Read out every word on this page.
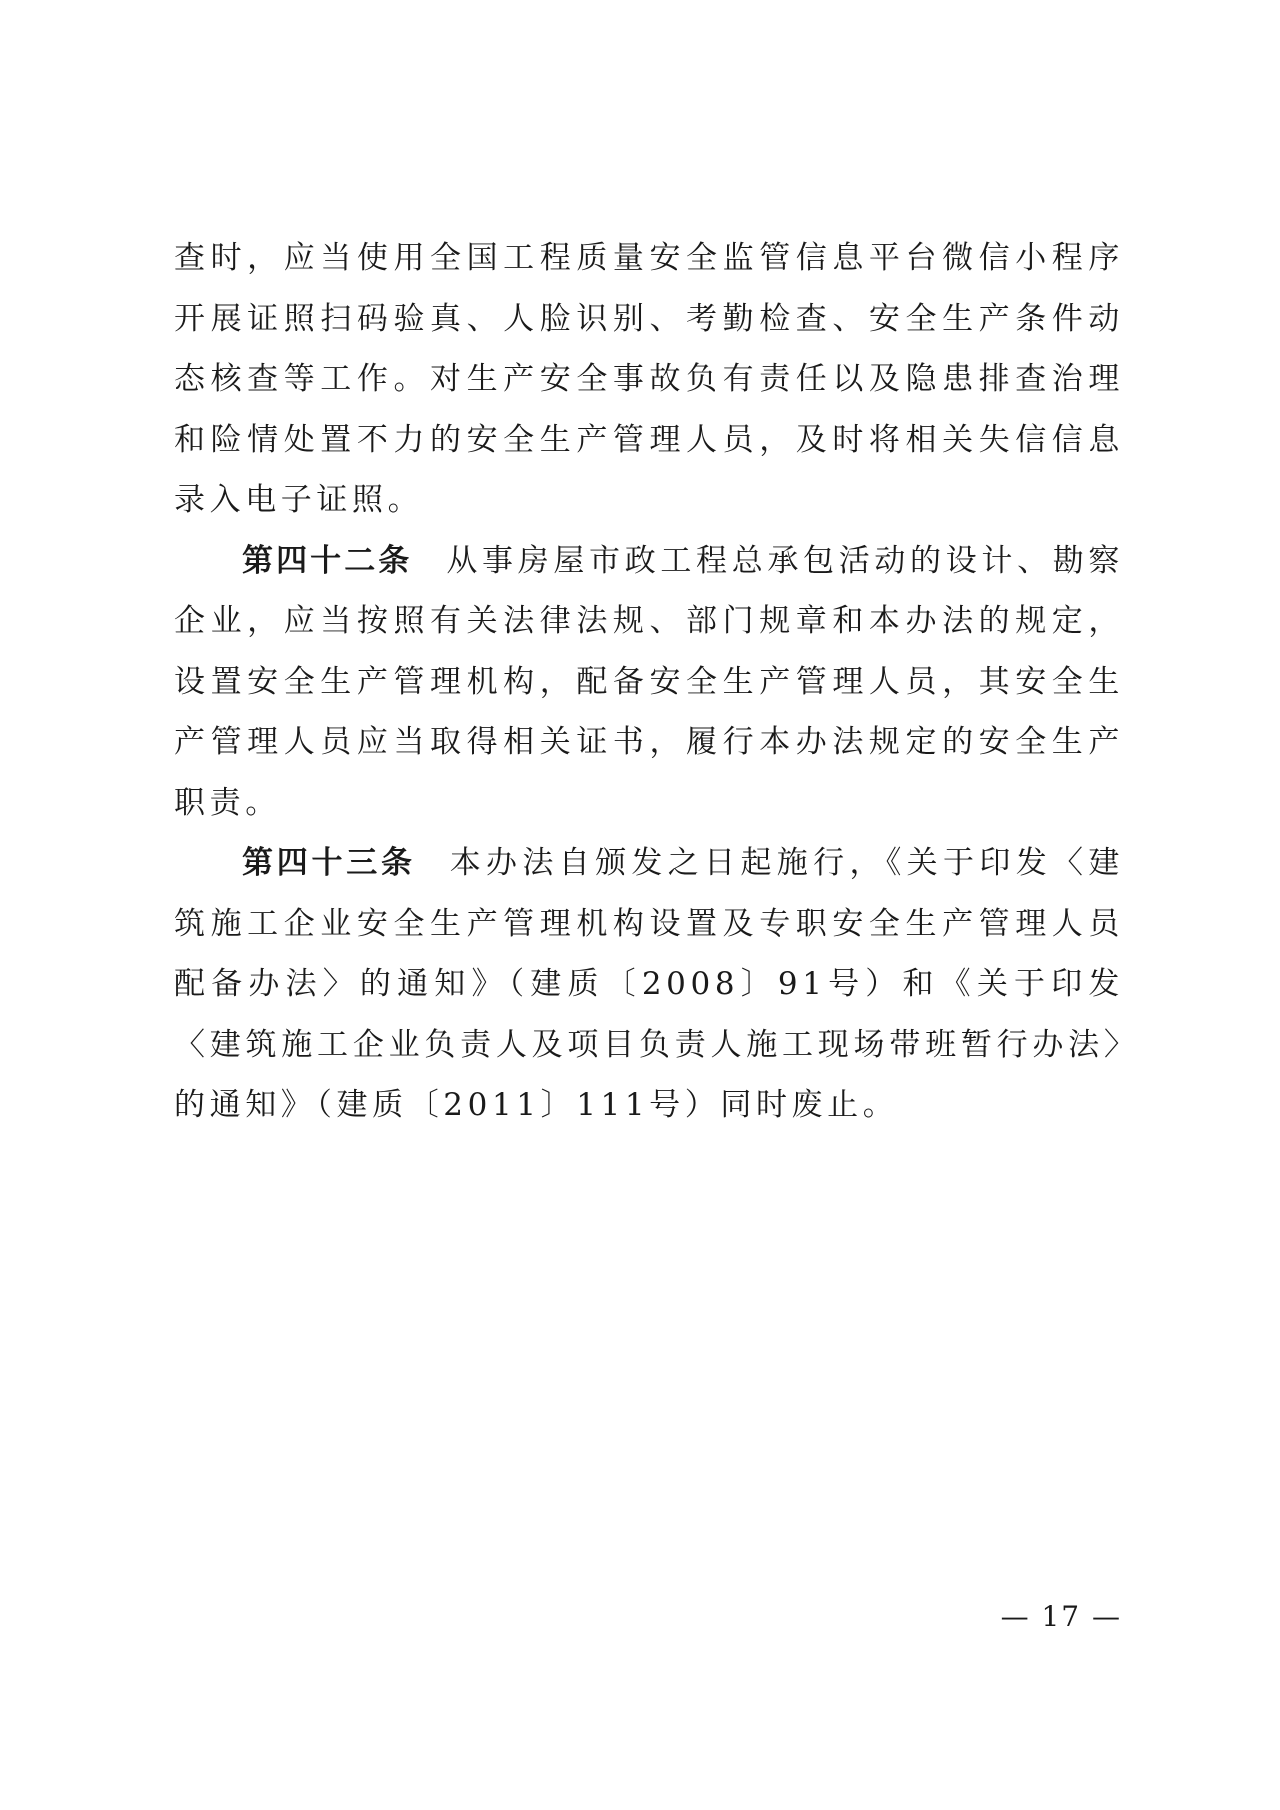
查时，应当使用全国工程质量安全监管信息平台微信小程序开展证照扫码验真、人脸识别、考勤检查、安全生产条件动态核查等工作。对生产安全事故负有责任以及隐患排查治理和险情处置不力的安全生产管理人员，及时将相关失信信息录入电子证照。

第四十二条 从事房屋市政工程总承包活动的设计、勘察企业，应当按照有关法律法规、部门规章和本办法的规定，设置安全生产管理机构，配备安全生产管理人员，其安全生产管理人员应当取得相关证书，履行本办法规定的安全生产职责。

第四十三条 本办法自颁发之日起施行，《关于印发〈建筑施工企业安全生产管理机构设置及专职安全生产管理人员配备办法〉的通知》（建质〔2008〕91号）和《关于印发〈建筑施工企业负责人及项目负责人施工现场带班暂行办法〉的通知》（建质〔2011〕111号）同时废止。

— 17 —
